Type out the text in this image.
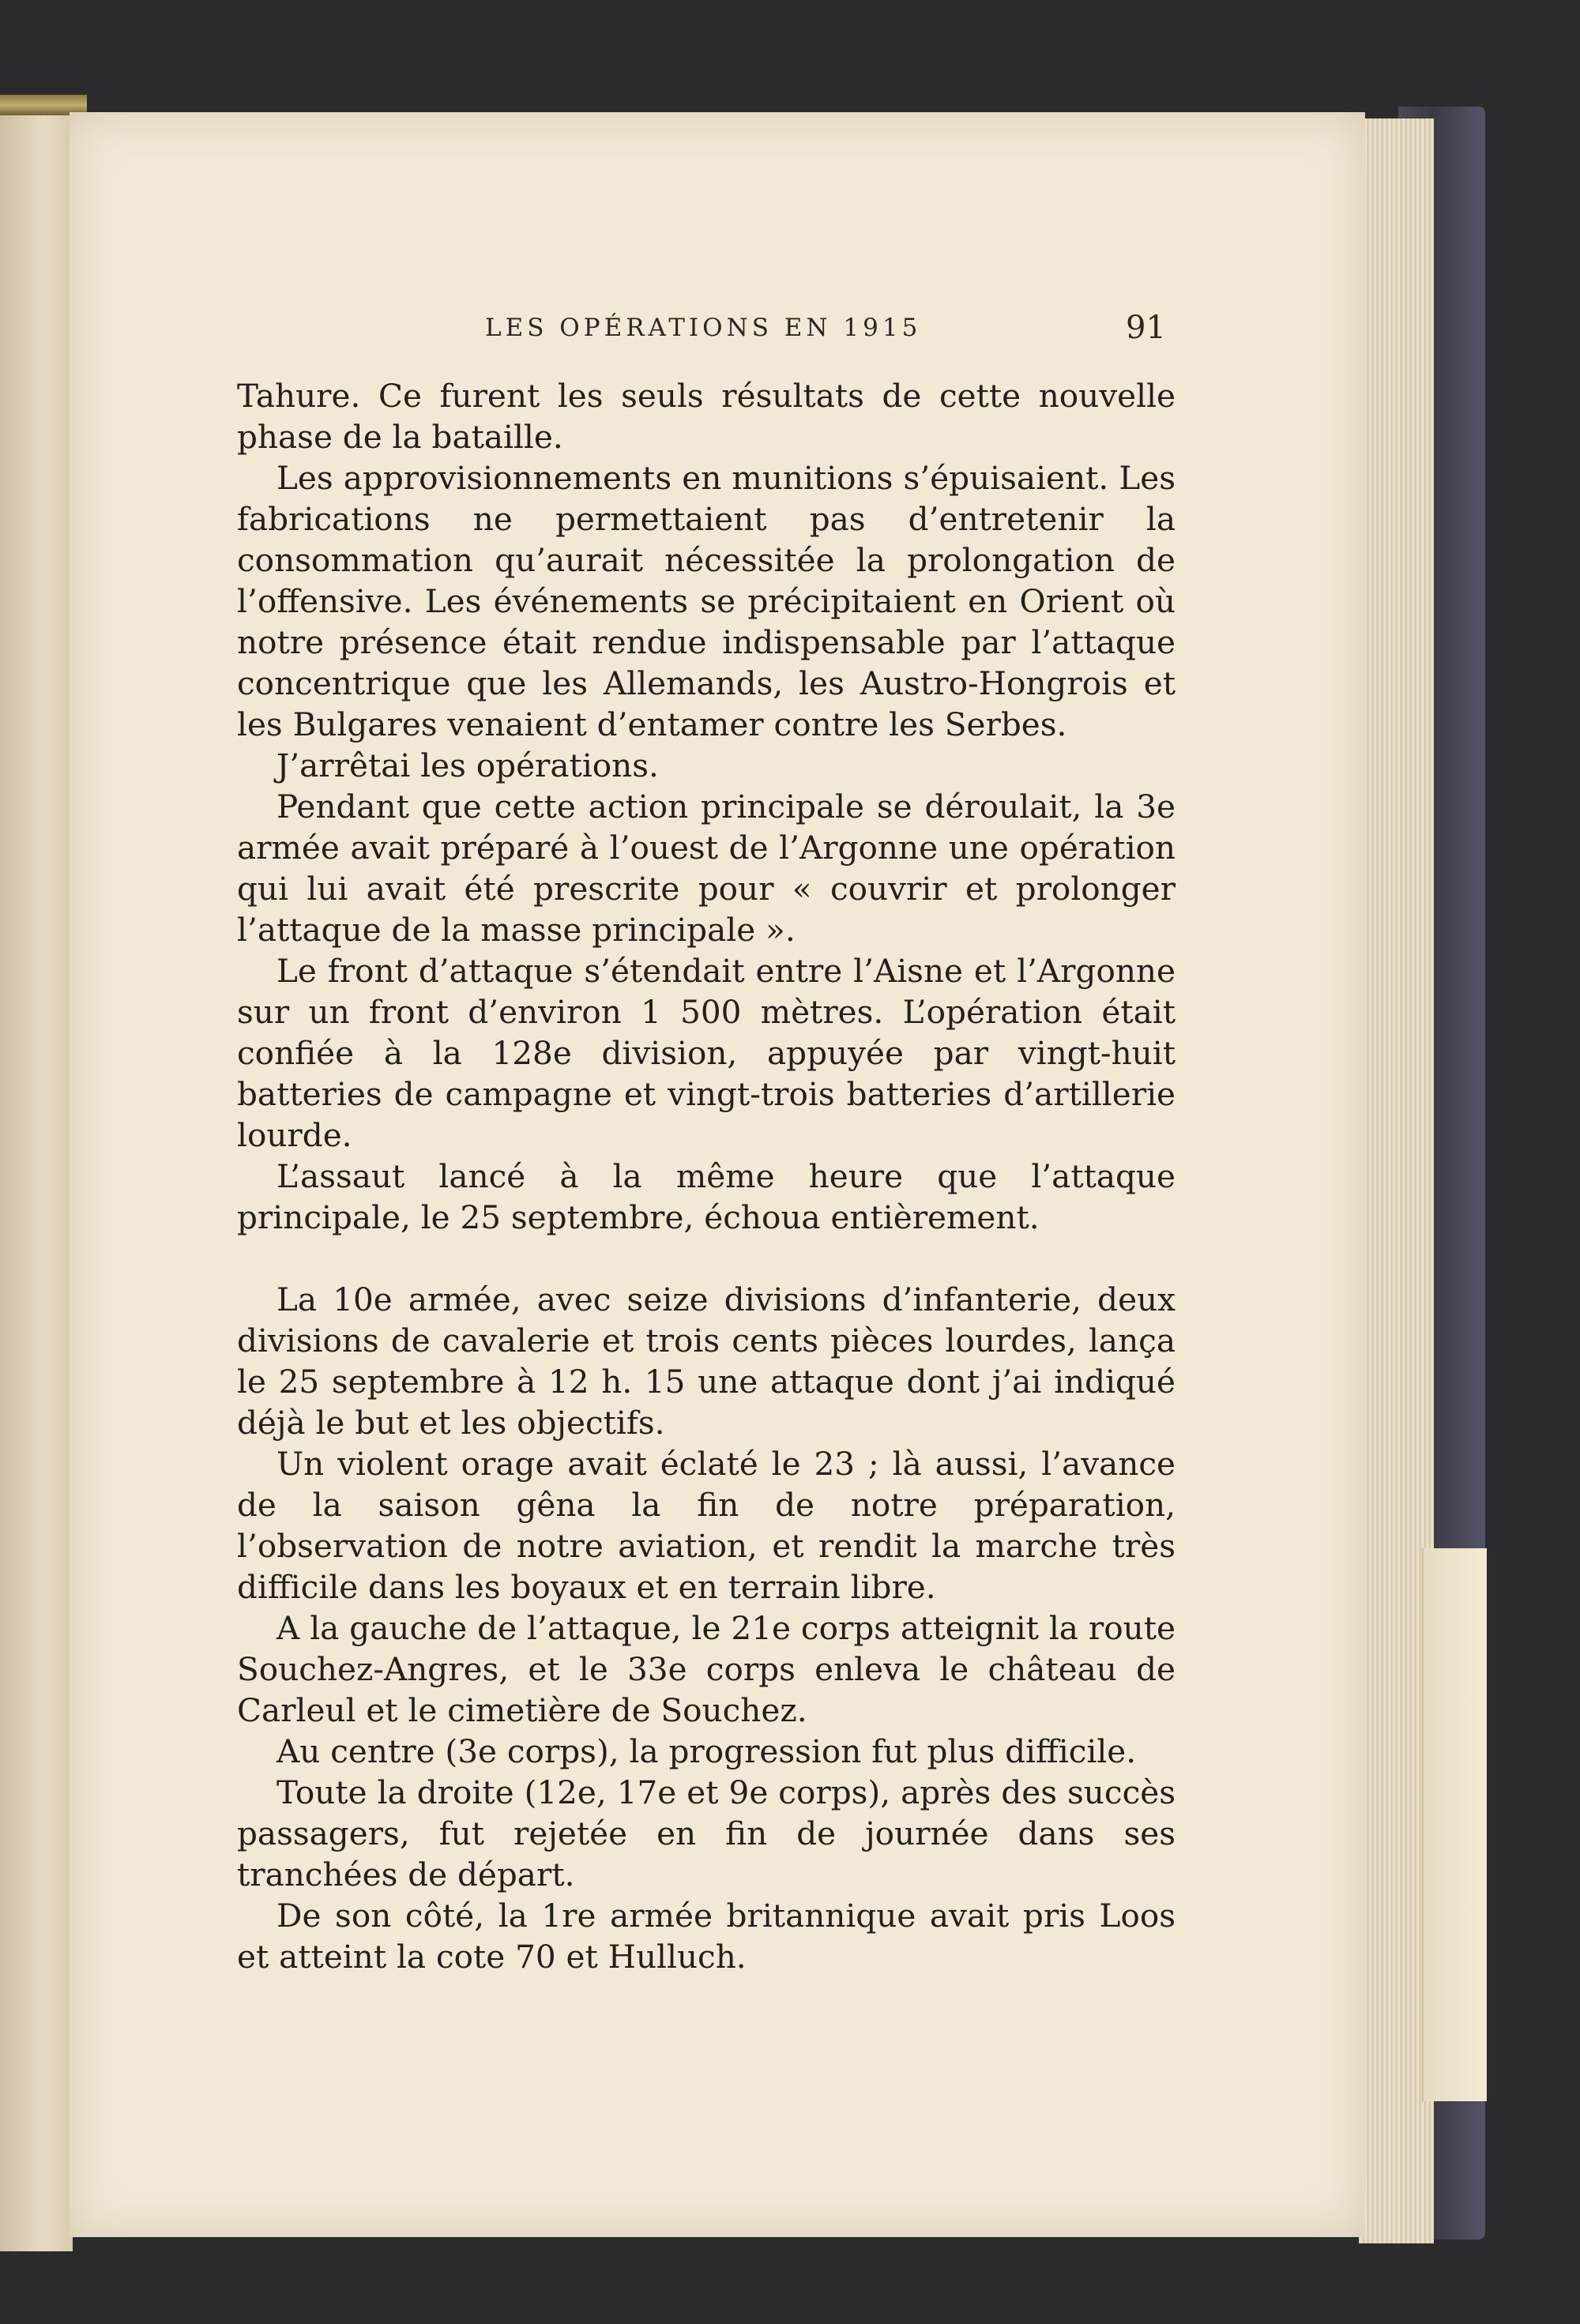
LES OPÉRATIONS EN 1915	91

Tahure. Ce furent les seuls résultats de cette nouvelle phase de la bataille.

Les approvisionnements en munitions s’épuisaient. Les fabrications ne permettaient pas d’entretenir la consommation qu’aurait nécessitée la prolongation de l’offensive. Les événements se précipitaient en Orient où notre présence était rendue indispensable par l’attaque concentrique que les Allemands, les Austro-Hongrois et les Bulgares venaient d’entamer contre les Serbes.

J’arrêtai les opérations.

Pendant que cette action principale se déroulait, la 3e armée avait préparé à l’ouest de l’Argonne une opération qui lui avait été prescrite pour « couvrir et prolonger l’attaque de la masse principale ».

Le front d’attaque s’étendait entre l’Aisne et l’Argonne sur un front d’environ 1 500 mètres. L’opération était confiée à la 128e division, appuyée par vingt-huit batteries de campagne et vingt-trois batteries d’artillerie lourde.

L’assaut lancé à la même heure que l’attaque principale, le 25 septembre, échoua entièrement.

La 10e armée, avec seize divisions d’infanterie, deux divisions de cavalerie et trois cents pièces lourdes, lança le 25 septembre à 12 h. 15 une attaque dont j’ai indiqué déjà le but et les objectifs.

Un violent orage avait éclaté le 23 ; là aussi, l’avance de la saison gêna la fin de notre préparation, l’observation de notre aviation, et rendit la marche très difficile dans les boyaux et en terrain libre.

A la gauche de l’attaque, le 21e corps atteignit la route Souchez-Angres, et le 33e corps enleva le château de Carleul et le cimetière de Souchez.

Au centre (3e corps), la progression fut plus difficile.

Toute la droite (12e, 17e et 9e corps), après des succès passagers, fut rejetée en fin de journée dans ses tranchées de départ.

De son côté, la 1re armée britannique avait pris Loos et atteint la cote 70 et Hulluch.
